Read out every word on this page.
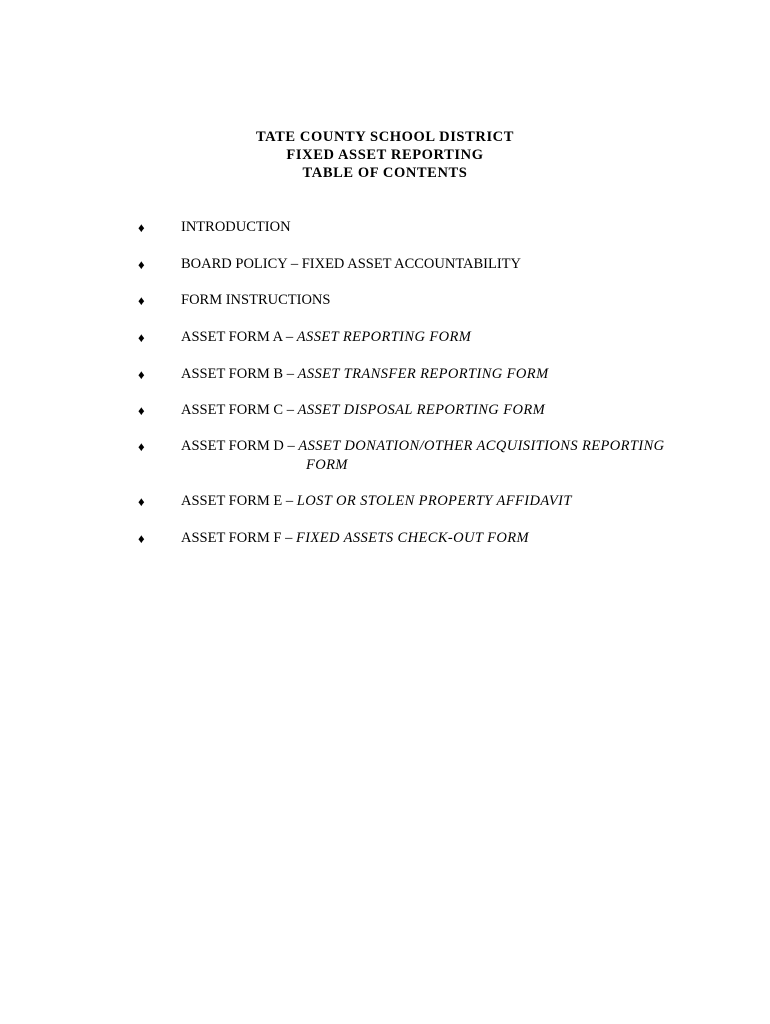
TATE COUNTY SCHOOL DISTRICT
FIXED ASSET REPORTING
TABLE OF CONTENTS
♦	INTRODUCTION
♦	BOARD POLICY – FIXED ASSET ACCOUNTABILITY
♦	FORM INSTRUCTIONS
♦	ASSET FORM A – ASSET REPORTING FORM
♦	ASSET FORM B – ASSET TRANSFER REPORTING FORM
♦	ASSET FORM C – ASSET DISPOSAL REPORTING FORM
♦	ASSET FORM D – ASSET DONATION/OTHER ACQUISITIONS REPORTING
FORM
♦	ASSET FORM E – LOST OR STOLEN PROPERTY AFFIDAVIT
♦	ASSET FORM F – FIXED ASSETS CHECK-OUT FORM
